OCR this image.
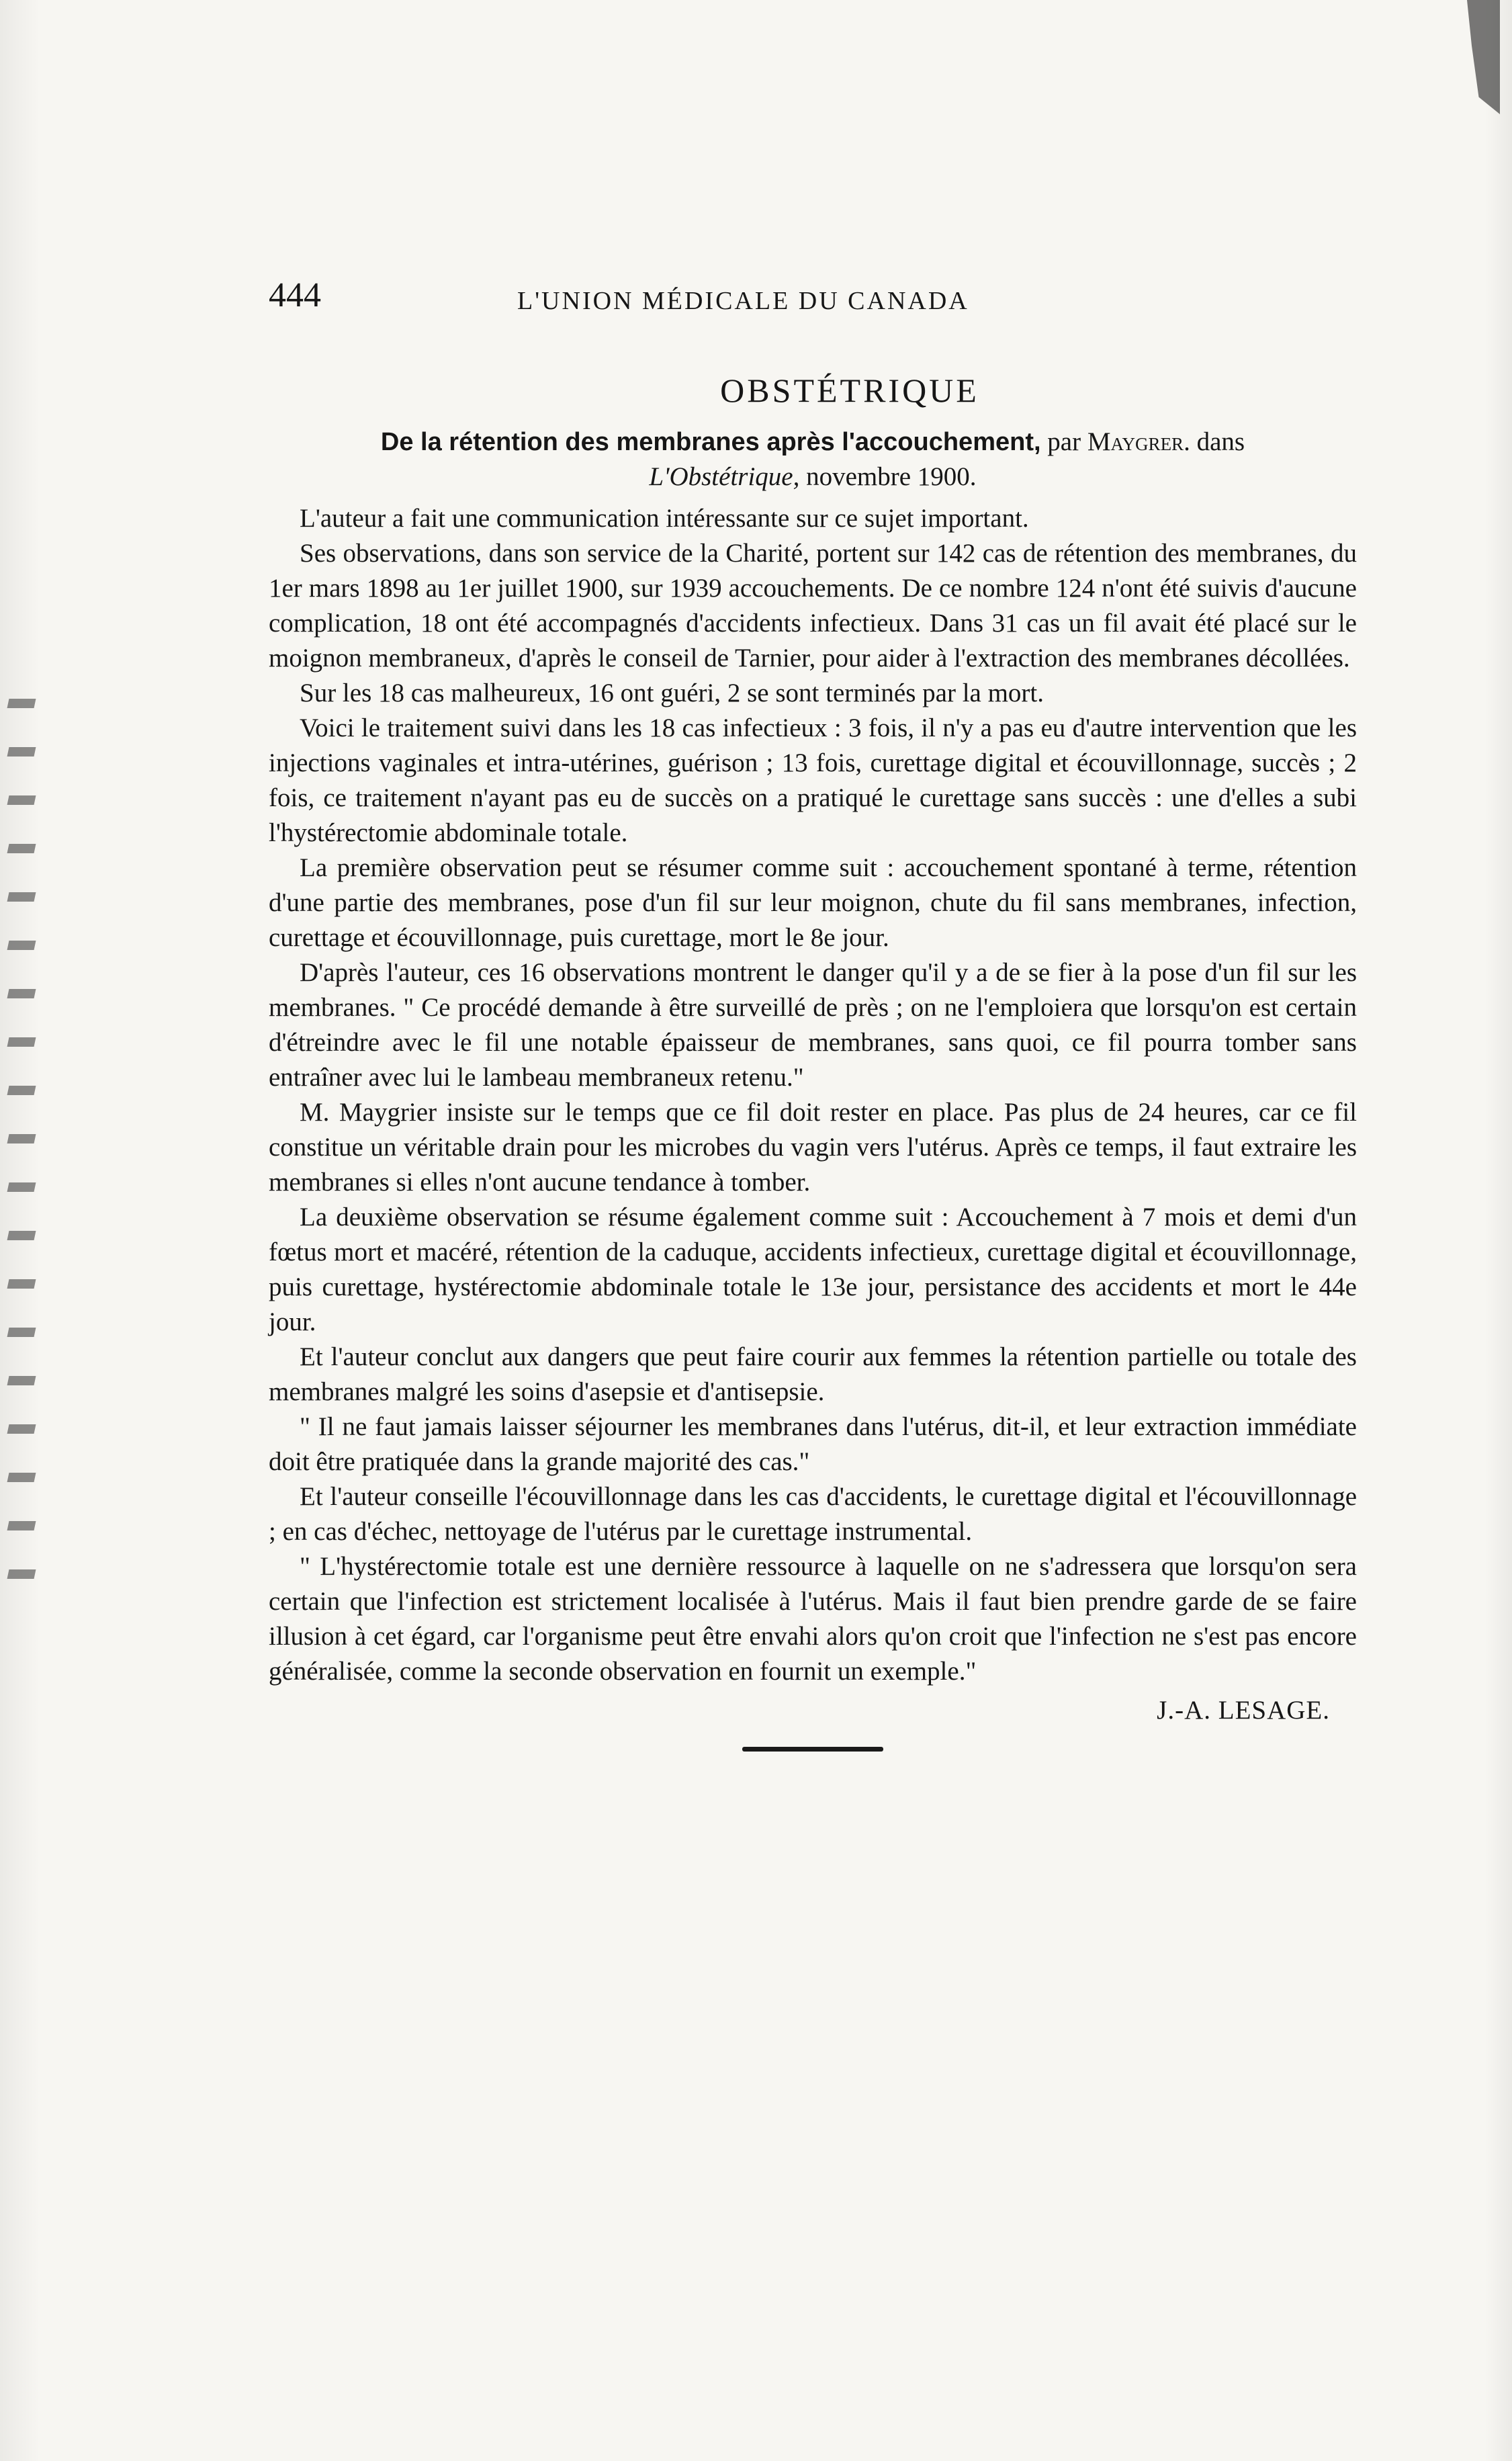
444	L'UNION MÉDICALE DU CANADA
OBSTÉTRIQUE
De la rétention des membranes après l'accouchement, par Maygrer. dans
L'Obstétrique, novembre 1900.

L'auteur a fait une communication intéressante sur ce sujet important.

Ses observations, dans son service de la Charité, portent sur 142 cas de rétention des membranes, du 1er mars 1898 au 1er juillet 1900, sur 1939 accouchements. De ce nombre 124 n'ont été suivis d'aucune complication, 18 ont été accompagnés d'accidents infectieux. Dans 31 cas un fil avait été placé sur le moignon membraneux, d'après le conseil de Tarnier, pour aider à l'extraction des membranes décollées.

Sur les 18 cas malheureux, 16 ont guéri, 2 se sont terminés par la mort.

Voici le traitement suivi dans les 18 cas infectieux : 3 fois, il n'y a pas eu d'autre intervention que les injections vaginales et intra-utérines, guérison ; 13 fois, curettage digital et écouvillonnage, succès ; 2 fois, ce traitement n'ayant pas eu de succès on a pratiqué le curettage sans succès : une d'elles a subi l'hystérectomie abdominale totale.

La première observation peut se résumer comme suit : accouchement spontané à terme, rétention d'une partie des membranes, pose d'un fil sur leur moignon, chute du fil sans membranes, infection, curettage et écouvillonnage, puis curettage, mort le 8e jour.

D'après l'auteur, ces 16 observations montrent le danger qu'il y a de se fier à la pose d'un fil sur les membranes. " Ce procédé demande à être surveillé de près ; on ne l'emploiera que lorsqu'on est certain d'étreindre avec le fil une notable épaisseur de membranes, sans quoi, ce fil pourra tomber sans entraîner avec lui le lambeau membraneux retenu."

M. Maygrier insiste sur le temps que ce fil doit rester en place. Pas plus de 24 heures, car ce fil constitue un véritable drain pour les microbes du vagin vers l'utérus. Après ce temps, il faut extraire les membranes si elles n'ont aucune tendance à tomber.

La deuxième observation se résume également comme suit : Accouchement à 7 mois et demi d'un fœtus mort et macéré, rétention de la caduque, accidents infectieux, curettage digital et écouvillonnage, puis curettage, hystérectomie abdominale totale le 13e jour, persistance des accidents et mort le 44e jour.

Et l'auteur conclut aux dangers que peut faire courir aux femmes la rétention partielle ou totale des membranes malgré les soins d'asepsie et d'antisepsie.

" Il ne faut jamais laisser séjourner les membranes dans l'utérus, dit-il, et leur extraction immédiate doit être pratiquée dans la grande majorité des cas."

Et l'auteur conseille l'écouvillonnage dans les cas d'accidents, le curettage digital et l'écouvillonnage ; en cas d'échec, nettoyage de l'utérus par le curettage instrumental.

" L'hystérectomie totale est une dernière ressource à laquelle on ne s'adressera que lorsqu'on sera certain que l'infection est strictement localisée à l'utérus. Mais il faut bien prendre garde de se faire illusion à cet égard, car l'organisme peut être envahi alors qu'on croit que l'infection ne s'est pas encore généralisée, comme la seconde observation en fournit un exemple."

J.-A. LESAGE.
